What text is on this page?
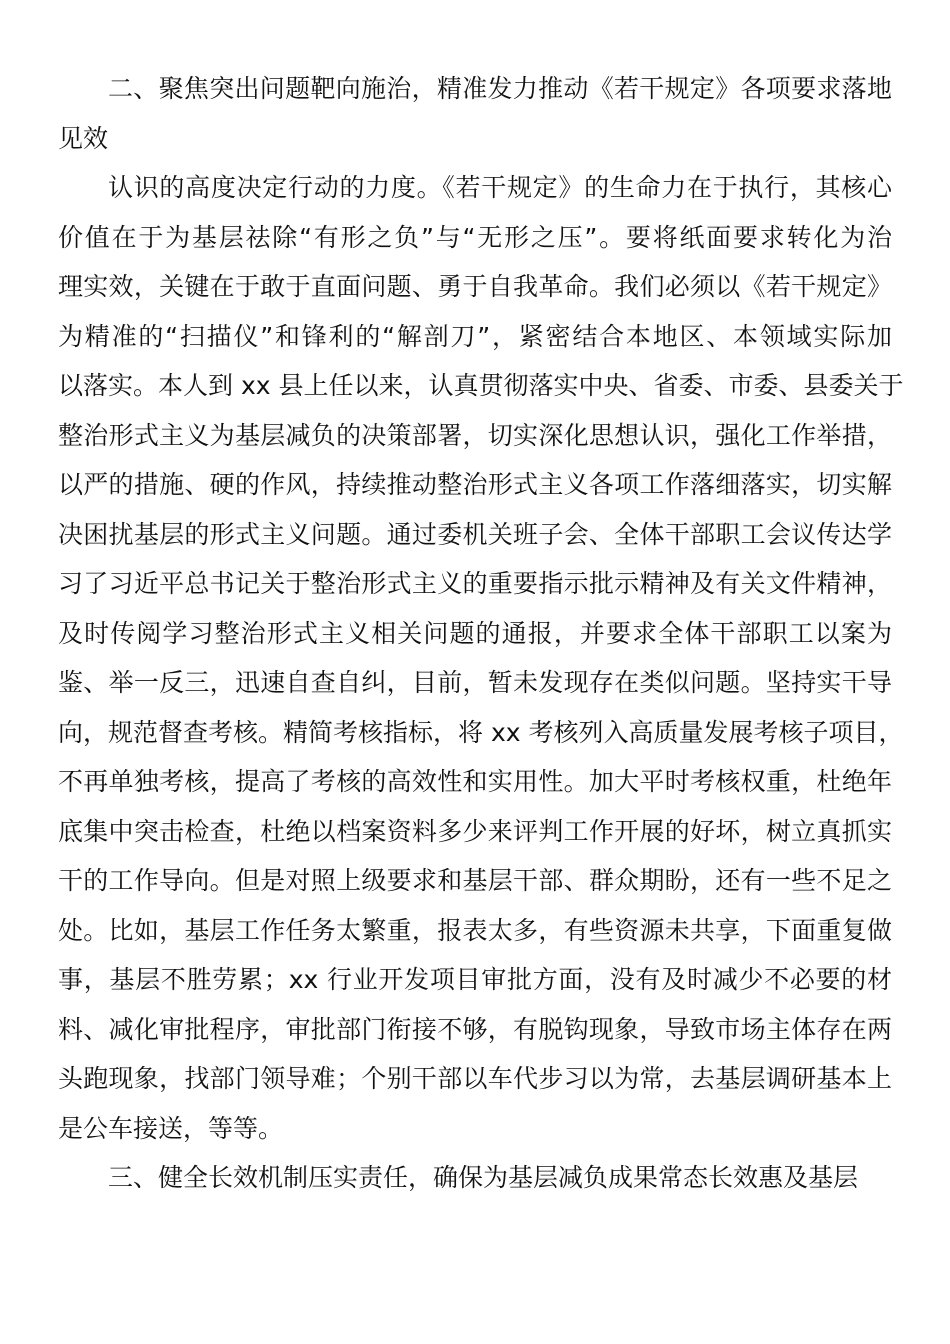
二、聚焦突出问题靶向施治，精准发力推动《若干规定》各项要求落地
见效
认识的高度决定行动的力度。《若干规定》的生命力在于执行，其核心
价值在于为基层祛除“有形之负”与“无形之压”。要将纸面要求转化为治
理实效，关键在于敢于直面问题、勇于自我革命。我们必须以《若干规定》
为精准的“扫描仪”和锋利的“解剖刀”，紧密结合本地区、本领域实际加
以落实。本人到 xx 县上任以来，认真贯彻落实中央、省委、市委、县委关于
整治形式主义为基层减负的决策部署，切实深化思想认识，强化工作举措，
以严的措施、硬的作风，持续推动整治形式主义各项工作落细落实，切实解
决困扰基层的形式主义问题。通过委机关班子会、全体干部职工会议传达学
习了习近平总书记关于整治形式主义的重要指示批示精神及有关文件精神，
及时传阅学习整治形式主义相关问题的通报，并要求全体干部职工以案为
鉴、举一反三，迅速自查自纠，目前，暂未发现存在类似问题。坚持实干导
向，规范督查考核。精简考核指标，将 xx 考核列入高质量发展考核子项目，
不再单独考核，提高了考核的高效性和实用性。加大平时考核权重，杜绝年
底集中突击检查，杜绝以档案资料多少来评判工作开展的好坏，树立真抓实
干的工作导向。但是对照上级要求和基层干部、群众期盼，还有一些不足之
处。比如，基层工作任务太繁重，报表太多，有些资源未共享，下面重复做
事，基层不胜劳累；xx 行业开发项目审批方面，没有及时减少不必要的材
料、减化审批程序，审批部门衔接不够，有脱钩现象，导致市场主体存在两
头跑现象，找部门领导难；个别干部以车代步习以为常，去基层调研基本上
是公车接送，等等。
三、健全长效机制压实责任，确保为基层减负成果常态长效惠及基层
